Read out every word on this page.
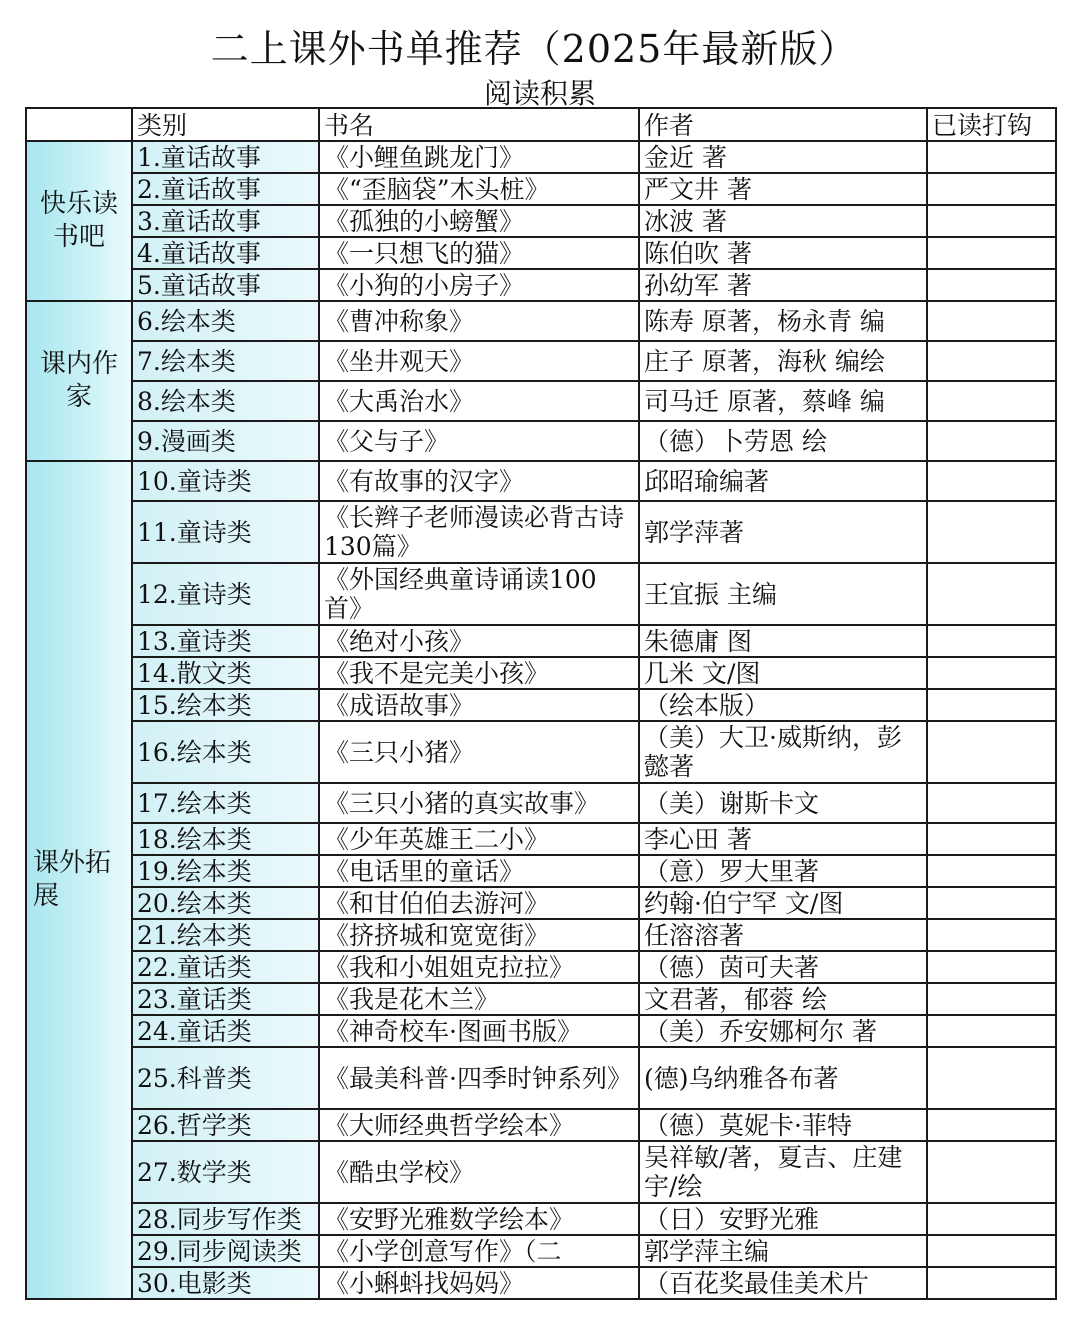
二上课外书单推荐（2025年最新版）
阅读积累
	类别	书名	作者	已读打钩
快乐读书吧	1.童话故事	《小鲤鱼跳龙门》	金近 著	
	2.童话故事	《“歪脑袋”木头桩》	严文井 著	
	3.童话故事	《孤独的小螃蟹》	冰波 著	
	4.童话故事	《一只想飞的猫》	陈伯吹 著	
	5.童话故事	《小狗的小房子》	孙幼军 著	
课内作家	6.绘本类	《曹冲称象》	陈寿 原著，杨永青 编	
	7.绘本类	《坐井观天》	庄子 原著，海秋 编绘	
	8.绘本类	《大禹治水》	司马迁 原著，蔡峰 编	
	9.漫画类	《父与子》	（德）卜劳恩 绘	
课外拓展	10.童诗类	《有故事的汉字》	邱昭瑜编著	
	11.童诗类	《长辫子老师漫读必背古诗130篇》	郭学萍著	
	12.童诗类	《外国经典童诗诵读100首》	王宜振 主编	
	13.童诗类	《绝对小孩》	朱德庸 图	
	14.散文类	《我不是完美小孩》	几米 文/图	
	15.绘本类	《成语故事》	（绘本版）	
	16.绘本类	《三只小猪》	（美）大卫·威斯纳，彭懿著	
	17.绘本类	《三只小猪的真实故事》	（美）谢斯卡文	
	18.绘本类	《少年英雄王二小》	李心田 著	
	19.绘本类	《电话里的童话》	（意）罗大里著	
	20.绘本类	《和甘伯伯去游河》	约翰·伯宁罕 文/图	
	21.绘本类	《挤挤城和宽宽街》	任溶溶著	
	22.童话类	《我和小姐姐克拉拉》	（德）茵可夫著	
	23.童话类	《我是花木兰》	文君著，郁蓉 绘	
	24.童话类	《神奇校车·图画书版》	（美）乔安娜柯尔 著	
	25.科普类	《最美科普·四季时钟系列》	(德)乌纳雅各布著	
	26.哲学类	《大师经典哲学绘本》	（德）莫妮卡·菲特	
	27.数学类	《酷虫学校》	吴祥敏/著，夏吉、庄建宇/绘	
	28.同步写作类	《安野光雅数学绘本》	（日）安野光雅	
	29.同步阅读类	《小学创意写作》（二	郭学萍主编	
	30.电影类	《小蝌蚪找妈妈》	（百花奖最佳美术片	
